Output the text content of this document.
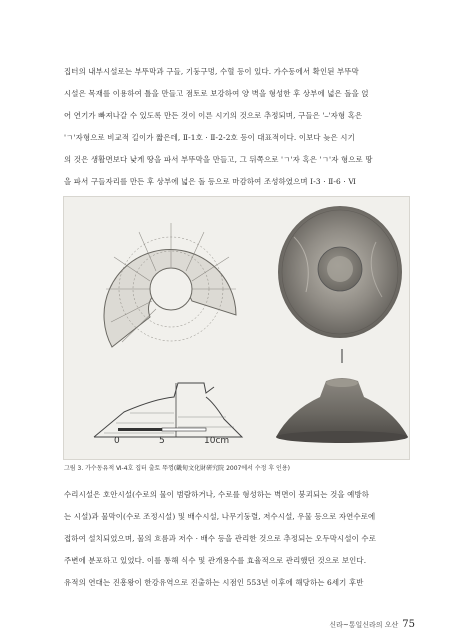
집터의 내부시설로는 부뚜막과 구들, 기둥구멍, 수혈 등이 있다. 가수동에서 확인된 부뚜막
시설은 목재를 이용하여 틀을 만들고 점토로 보강하여 양 벽을 형성한 후 상부에 넓은 돌을 얹
어 연기가 빠져나갈 수 있도록 만든 것이 이른 시기의 것으로 추정되며, 구들은 '⎯'자형 혹은
'ㄱ'자형으로 비교적 길이가 짧은데, Ⅱ-1호 · Ⅱ-2-2호 등이 대표적이다. 이보다 늦은 시기
의 것은 생활면보다 낮게 땅을 파서 부뚜막을 만들고, 그 뒤쪽으로 'ㄱ'자 혹은 'ㄱ'자 형으로 땅
을 파서 구들자리를 만든 후 상부에 넓은 돌 등으로 마감하여 조성하였으며 Ⅰ-3 · Ⅱ-6 · Ⅵ
0	5	10cm
그림 3. 가수동유적 Ⅵ-4호 집터 출토 뚜껑(畿甸文化財硏究院 2007에서 수정 후 인용)
수리시설은 호안시설(수로의 물이 범람하거나, 수로를 형성하는 벽면이 붕괴되는 것을 예방하
는 시설)과 물막이(수로 조정시설) 및 배수시설, 나무기둥렬, 저수시설, 우물 등으로 자연수로에
접하여 설치되었으며, 물의 흐름과 저수 · 배수 등을 관리한 것으로 추정되는 오두막시설이 수로
주변에 분포하고 있었다. 이를 통해 식수 및 관개용수를 효율적으로 관리했던 것으로 보인다.
유적의 연대는 진흥왕이 한강유역으로 진출하는 시점인 553년 이후에 해당하는 6세기 후반
신라~통일신라의 오산 75
